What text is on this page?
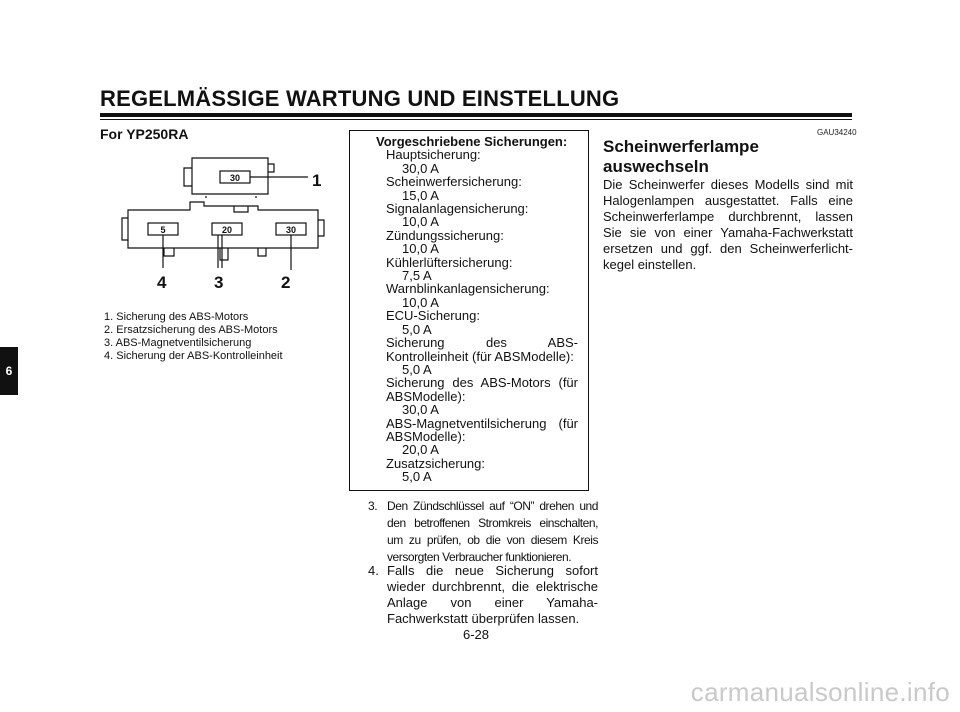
REGELMÄSSIGE WARTUNG UND EINSTELLUNG
6
For YP250RA
30
5	20	30
1
4	3	2
1. Sicherung des ABS-Motors
2. Ersatzsicherung des ABS-Motors
3. ABS-Magnetventilsicherung
4. Sicherung der ABS-Kontrolleinheit
Vorgeschriebene Sicherungen:
Hauptsicherung:
30,0 A
Scheinwerfersicherung:
15,0 A
Signalanlagensicherung:
10,0 A
Zündungssicherung:
10,0 A
Kühlerlüftersicherung:
7,5 A
Warnblinkanlagensicherung:
10,0 A
ECU-Sicherung:
5,0 A
Sicherung des ABS-
Kontrolleinheit (für ABSModelle):
5,0 A
Sicherung des ABS-Motors (für
ABSModelle):
30,0 A
ABS-Magnetventilsicherung (für
ABSModelle):
20,0 A
Zusatzsicherung:
5,0 A
3. Den Zündschlüssel auf “ON” drehen und den betroffenen Stromkreis einschalten, um zu prüfen, ob die von diesem Kreis versorgten Verbraucher funktionieren.
4. Falls die neue Sicherung sofort wieder durchbrennt, die elektrische Anlage von einer Yamaha-Fachwerkstatt überprüfen lassen.
6-28
GAU34240
Scheinwerferlampe auswechseln
Die Scheinwerfer dieses Modells sind mit Halogenlampen ausgestattet. Falls eine Scheinwerferlampe durchbrennt, lassen Sie sie von einer Yamaha-Fachwerkstatt ersetzen und ggf. den Scheinwerferlicht-kegel einstellen.
carmanualsonline.info
